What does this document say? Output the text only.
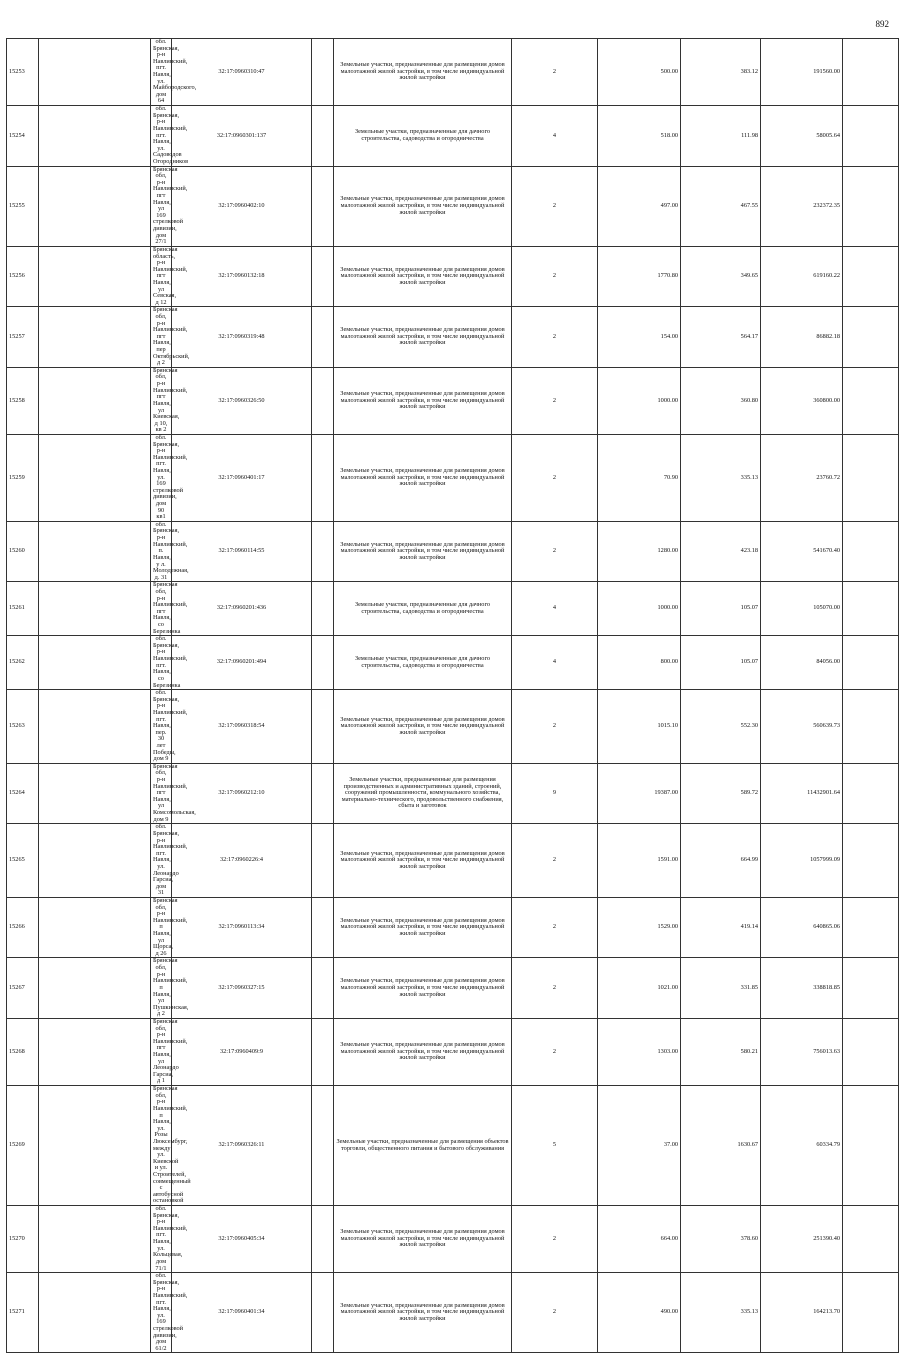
892
15253		обл. Брянская, р-н Навлинский, пгт. Навля, ул. Майбородского, дом 64	32:17:0960310:47		Земельные участки, предназначенные для размещения домов малоэтажной жилой застройки, в том числе индивидуальной жилой застройки	2	500.00	383.12	191560.00	
15254		обл. Брянская, р-н Навлинский, пгт. Навля, ул. Садоводов Огородников	32:17:0960301:137		Земельные участки, предназначенные для дачного строительства, садоводства и огородничества	4	518.00	111.98	58005.64	
15255		Брянская обл, р-н Навлинский, пгт Навля, ул 169 стрелковой дивизии, дом 27/1	32:17:0960402:10		Земельные участки, предназначенные для размещения домов малоэтажной жилой застройки, в том числе индивидуальной жилой застройки	2	497.00	467.55	232372.35	
15256		Брянская область, р-н Навлинский, пгт Навля, ул Севская, д 12	32:17:0960132:18		Земельные участки, предназначенные для размещения домов малоэтажной жилой застройки, в том числе индивидуальной жилой застройки	2	1770.80	349.65	619160.22	
15257		Брянская обл, р-н Навлинский, пгт Навля, пер Октябрьский, д 2	32:17:0960319:48		Земельные участки, предназначенные для размещения домов малоэтажной жилой застройки, в том числе индивидуальной жилой застройки	2	154.00	564.17	86882.18	
15258		Брянская обл, р-н Навлинский, пгт Навля, ул Киевская, д 10, кв 2	32:17:0960326:50		Земельные участки, предназначенные для размещения домов малоэтажной жилой застройки, в том числе индивидуальной жилой застройки	2	1000.00	360.80	360800.00	
15259		обл. Брянская, р-н Навлинский, пгт. Навля, ул. 169 стрелковой дивизии, дом 90 кв1	32:17:0960401:17		Земельные участки, предназначенные для размещения домов малоэтажной жилой застройки, в том числе индивидуальной жилой застройки	2	70.90	335.13	23760.72	
15260		обл. Брянская, р-н Навлинский, п. Навля, у л. Молодежная, д. 31	32:17:0960114:55		Земельные участки, предназначенные для размещения домов малоэтажной жилой застройки, в том числе индивидуальной жилой застройки	2	1280.00	423.18	541670.40	
15261		Брянская обл, р-н Навлинский, пгт Навля, сo Березинка	32:17:0960201:436		Земельные участки, предназначенные для дачного строительства, садоводства и огородничества	4	1000.00	105.07	105070.00	
15262		обл. Брянская, р-н Навлинский, пгт. Навля, со Березинка	32:17:0960201:494		Земельные участки, предназначенные для дачного строительства, садоводства и огородничества	4	800.00	105.07	84056.00	
15263		обл. Брянская, р-н Навлинский, пгт. Навля, пер. 30 лет Победы, дом 9	32:17:0960318:54		Земельные участки, предназначенные для размещения домов малоэтажной жилой застройки, в том числе индивидуальной жилой застройки	2	1015.10	552.30	560639.73	
15264		Брянская обл, р-н Навлинский, пгт Навля, ул Комсомольская, дом 9	32:17:0960212:10		Земельные участки, предназначенные для размещения производственных и административных зданий, строений, сооружений промышленности, коммунального хозяйства, материально-технического, продовольственного снабжения, сбыта и заготовок	9	19387.00	589.72	11432901.64	
15265		обл. Брянская, р-н Навлинский, пгт. Навля, ул. Леонардо Гарсиа, дом 31	32:17:0960226:4		Земельные участки, предназначенные для размещения домов малоэтажной жилой застройки, в том числе индивидуальной жилой застройки	2	1591.00	664.99	1057999.09	
15266		Брянская обл, р-н Навлинский, п Навля, ул Щорса, д 26	32:17:0960113:34		Земельные участки, предназначенные для размещения домов малоэтажной жилой застройки, в том числе индивидуальной жилой застройки	2	1529.00	419.14	640865.06	
15267		Брянская обл, р-н Навлинский, п Навля, ул Пушкинская, д 2	32:17:0960327:15		Земельные участки, предназначенные для размещения домов малоэтажной жилой застройки, в том числе индивидуальной жилой застройки	2	1021.00	331.85	338818.85	
15268		Брянская обл, р-н Навлинский, пгт Навля, ул Леонардо Гарсиа, д 1	32:17:0960409:9		Земельные участки, предназначенные для размещения домов малоэтажной жилой застройки, в том числе индивидуальной жилой застройки	2	1303.00	580.21	756013.63	
15269		Брянская обл, р-н Навлинский, п Навля, ул. Розы Люксембург, между ул. Киевской и ул. Строителей, совмещенный с автобусной остановкой	32:17:0960326:11		Земельные участки, предназначенные для размещения объектов торговли, общественного питания и бытового обслуживания	5	37.00	1630.67	60334.79	
15270		обл. Брянская, р-н Навлинский, пгт. Навля, ул. Кольцевая, дом 71/1	32:17:0960405:34		Земельные участки, предназначенные для размещения домов малоэтажной жилой застройки, в том числе индивидуальной жилой застройки	2	664.00	378.60	251390.40	
15271		обл. Брянская, р-н Навлинский, пгт. Навля, ул. 169 стрелковой дивизии, дом 61/2	32:17:0960401:34		Земельные участки, предназначенные для размещения домов малоэтажной жилой застройки, в том числе индивидуальной жилой застройки	2	490.00	335.13	164213.70	
